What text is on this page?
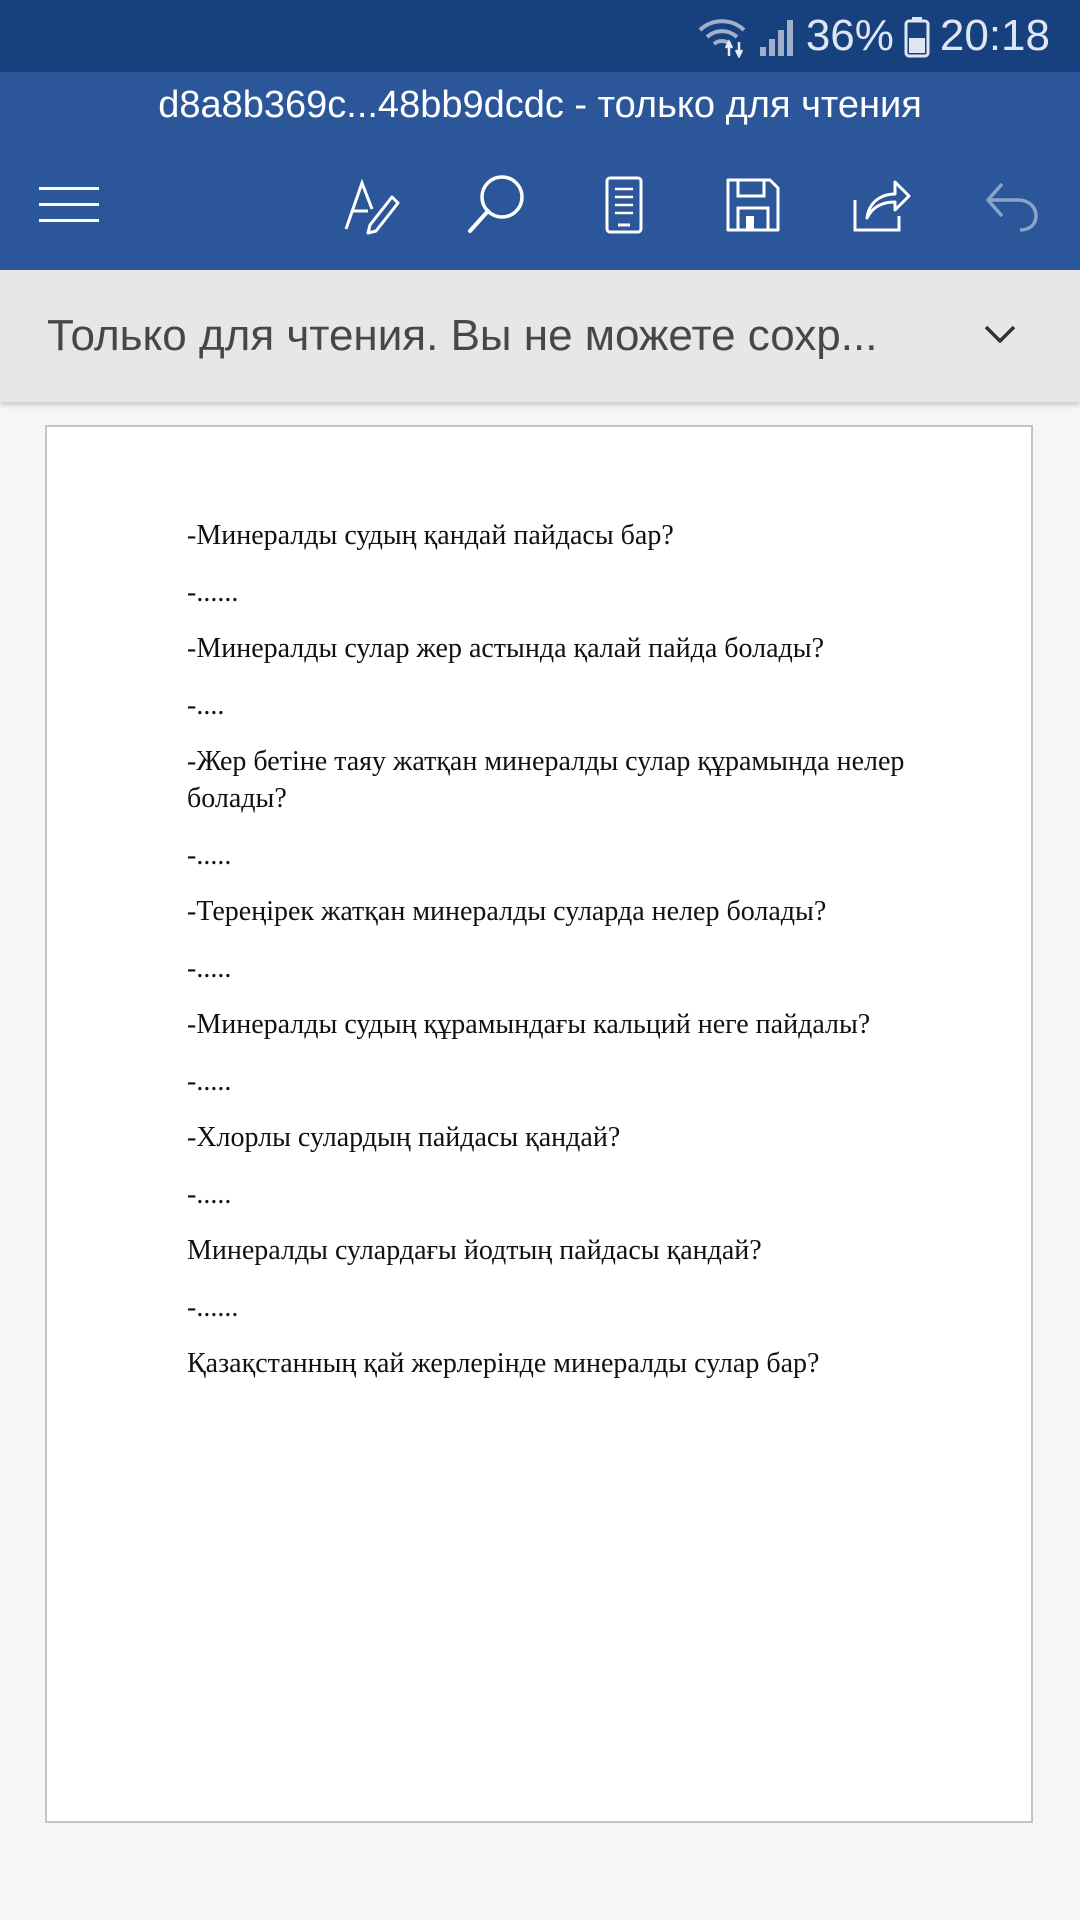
36% 20:18
d8a8b369c...48bb9dcdc - только для чтения
Только для чтения. Вы не можете сохр...

-Минералды судың қандай пайдасы бар?

-......

-Минералды сулар жер астында қалай пайда болады?

-....

-Жер бетіне таяу жатқан минералды сулар құрамында нелер болады?

-.....

-Тереңірек жатқан минералды суларда нелер болады?

-.....

-Минералды судың құрамындағы кальций неге пайдалы?

-.....

-Хлорлы сулардың пайдасы қандай?

-.....

Минералды сулардағы йодтың пайдасы қандай?

-......

Қазақстанның қай жерлерінде минералды сулар бар?
